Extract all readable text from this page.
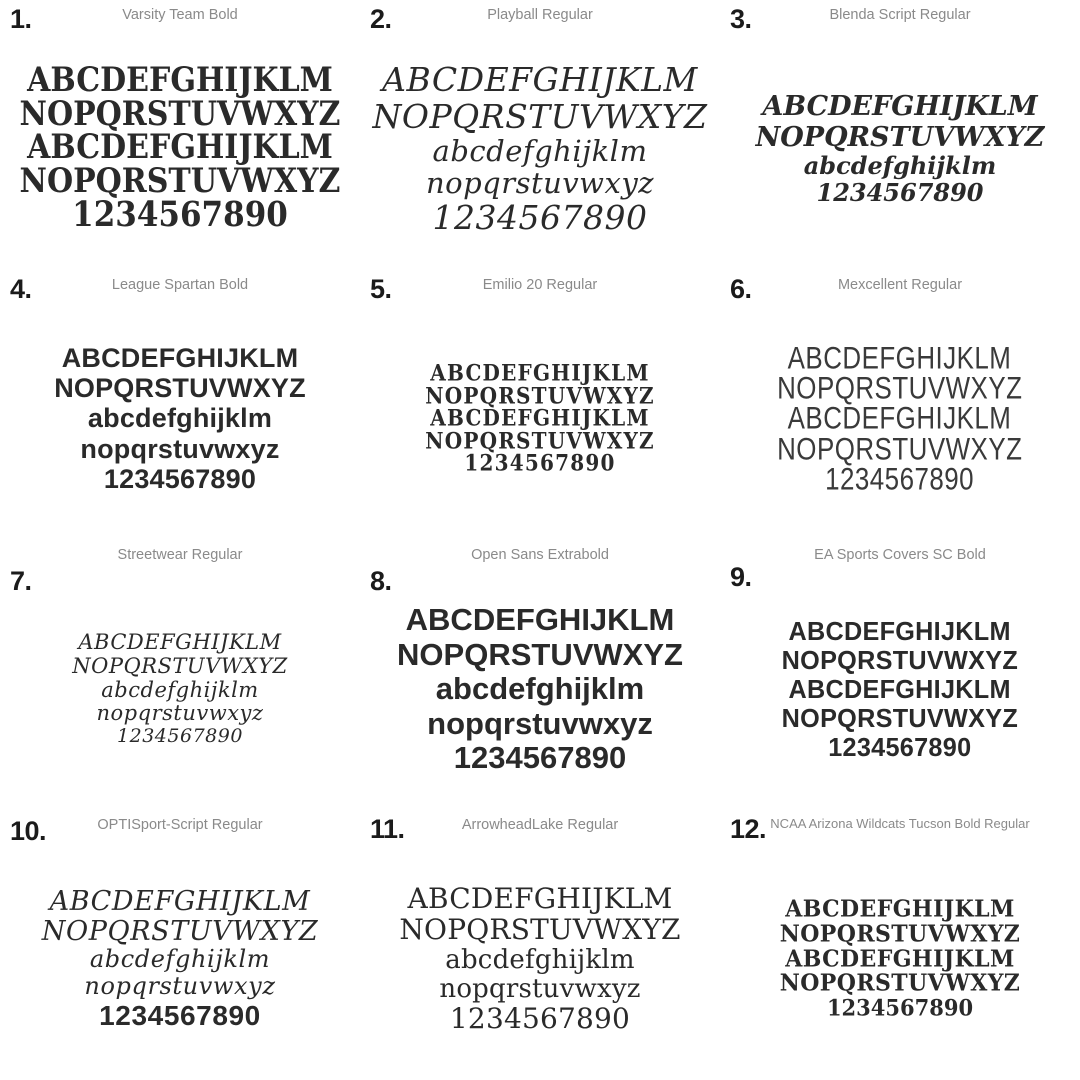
1.	Varsity Team Bold
ABCDEFGHIJKLM
NOPQRSTUVWXYZ
ABCDEFGHIJKLM
NOPQRSTUVWXYZ
1234567890
2.	Playball Regular
ABCDEFGHIJKLM
NOPQRSTUVWXYZ
abcdefghijklm
nopqrstuvwxyz
1234567890
3.	Blenda Script Regular
ABCDEFGHIJKLM
NOPQRSTUVWXYZ
abcdefghijklm
1234567890
4.	League Spartan Bold
ABCDEFGHIJKLM
NOPQRSTUVWXYZ
abcdefghijklm
nopqrstuvwxyz
1234567890
5.	Emilio 20 Regular
ABCDEFGHIJKLM
NOPQRSTUVWXYZ
ABCDEFGHIJKLM
NOPQRSTUVWXYZ
1234567890
6.	Mexcellent Regular
ABCDEFGHIJKLM
NOPQRSTUVWXYZ
ABCDEFGHIJKLM
NOPQRSTUVWXYZ
1234567890
7.
Streetwear Regular
ABCDEFGHIJKLM
NOPQRSTUVWXYZ
abcdefghijklm
nopqrstuvwxyz
1234567890
8.
Open Sans Extrabold
ABCDEFGHIJKLM
NOPQRSTUVWXYZ
abcdefghijklm
nopqrstuvwxyz
1234567890
9.
EA Sports Covers SC Bold
ABCDEFGHIJKLM
NOPQRSTUVWXYZ
ABCDEFGHIJKLM
NOPQRSTUVWXYZ
1234567890
10.	OPTISport-Script Regular
ABCDEFGHIJKLM
NOPQRSTUVWXYZ
abcdefghijklm
nopqrstuvwxyz
1234567890
11.	ArrowheadLake Regular
ABCDEFGHIJKLM
NOPQRSTUVWXYZ
abcdefghijklm
nopqrstuvwxyz
1234567890
12. NCAA Arizona Wildcats Tucson Bold Regular
ABCDEFGHIJKLM
NOPQRSTUVWXYZ
ABCDEFGHIJKLM
NOPQRSTUVWXYZ
1234567890
